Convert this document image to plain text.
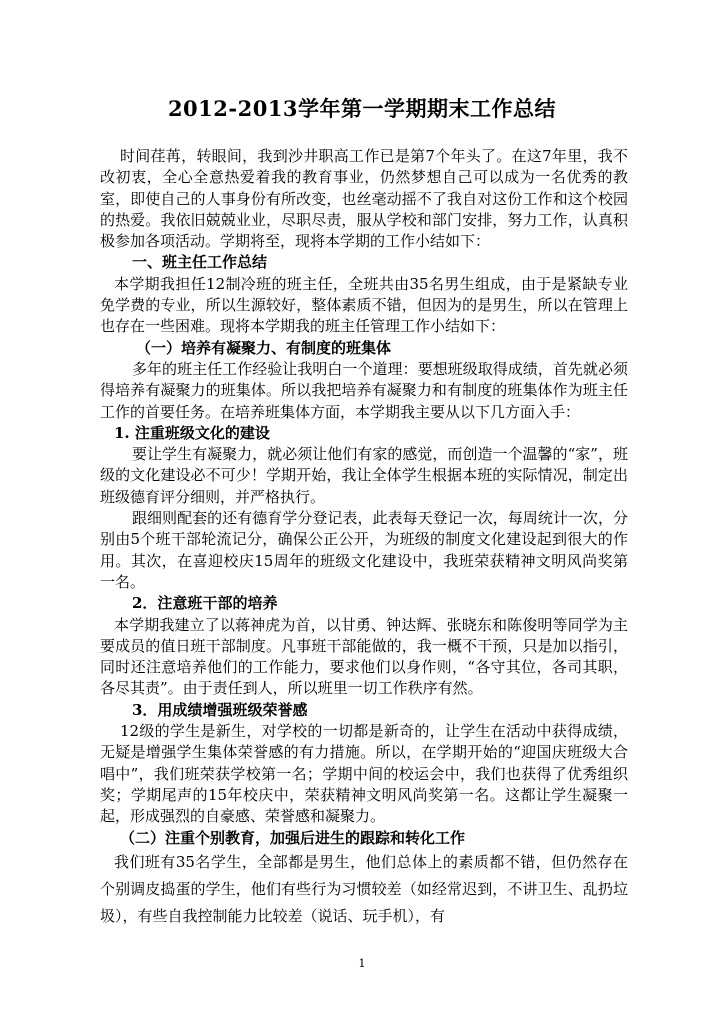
2012-2013学年第一学期期末工作总结

时间荏苒，转眼间，我到沙井职高工作已是第7个年头了。在这7年里，我不改初衷，全心全意热爱着我的教育事业，仍然梦想自己可以成为一名优秀的教室，即使自己的人事身份有所改变，也丝毫动摇不了我自对这份工作和这个校园的热爱。我依旧兢兢业业，尽职尽责，服从学校和部门安排，努力工作，认真积极参加各项活动。学期将至，现将本学期的工作小结如下：

一、班主任工作总结

本学期我担任12制冷班的班主任，全班共由35名男生组成，由于是紧缺专业免学费的专业，所以生源较好，整体素质不错，但因为的是男生，所以在管理上也存在一些困难。现将本学期我的班主任管理工作小结如下：

（一）培养有凝聚力、有制度的班集体

多年的班主任工作经验让我明白一个道理：要想班级取得成绩，首先就必须得培养有凝聚力的班集体。所以我把培养有凝聚力和有制度的班集体作为班主任工作的首要任务。在培养班集体方面，本学期我主要从以下几方面入手：

1. 注重班级文化的建设

要让学生有凝聚力，就必须让他们有家的感觉，而创造一个温馨的“家”，班级的文化建设必不可少！学期开始，我让全体学生根据本班的实际情况，制定出班级德育评分细则，并严格执行。

跟细则配套的还有德育学分登记表，此表每天登记一次，每周统计一次，分别由5个班干部轮流记分，确保公正公开，为班级的制度文化建设起到很大的作用。其次，在喜迎校庆15周年的班级文化建设中，我班荣获精神文明风尚奖第一名。

2．注意班干部的培养

本学期我建立了以蒋神虎为首，以甘勇、钟达辉、张晓东和陈俊明等同学为主要成员的值日班干部制度。凡事班干部能做的，我一概不干预，只是加以指引，同时还注意培养他们的工作能力，要求他们以身作则，“各守其位，各司其职，各尽其责”。由于责任到人，所以班里一切工作秩序有然。

3．用成绩增强班级荣誉感

12级的学生是新生，对学校的一切都是新奇的，让学生在活动中获得成绩，无疑是增强学生集体荣誉感的有力措施。所以，在学期开始的“迎国庆班级大合唱中”，我们班荣获学校第一名；学期中间的校运会中，我们也获得了优秀组织奖；学期尾声的15年校庆中，荣获精神文明风尚奖第一名。这都让学生凝聚一起，形成强烈的自豪感、荣誉感和凝聚力。

（二）注重个别教育，加强后进生的跟踪和转化工作

我们班有35名学生，全部都是男生，他们总体上的素质都不错，但仍然存在个别调皮捣蛋的学生，他们有些行为习惯较差（如经常迟到，不讲卫生、乱扔垃圾），有些自我控制能力比较差（说话、玩手机），有

1
